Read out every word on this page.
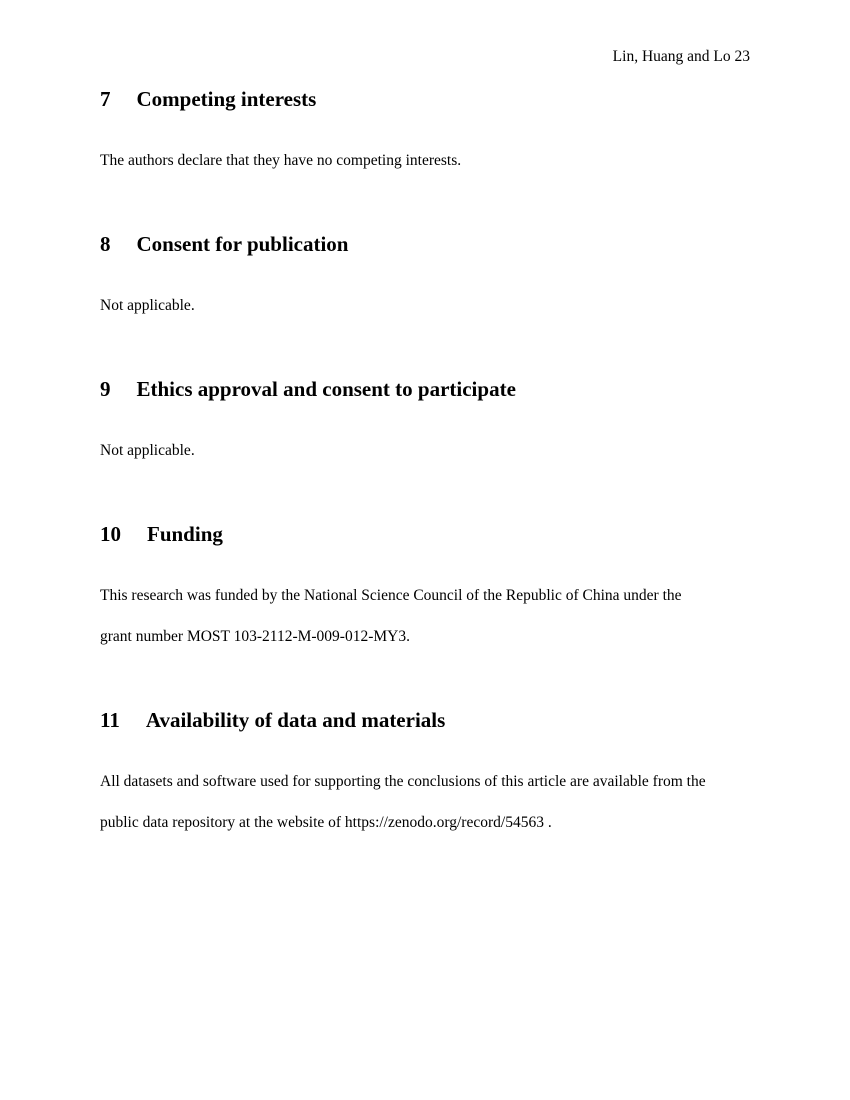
Lin, Huang and Lo 23
7 Competing interests

The authors declare that they have no competing interests.

8 Consent for publication

Not applicable.

9 Ethics approval and consent to participate

Not applicable.

10 Funding

This research was funded by the National Science Council of the Republic of China under the

grant number MOST 103-2112-M-009-012-MY3.

11 Availability of data and materials

All datasets and software used for supporting the conclusions of this article are available from the

public data repository at the website of https://zenodo.org/record/54563 .
